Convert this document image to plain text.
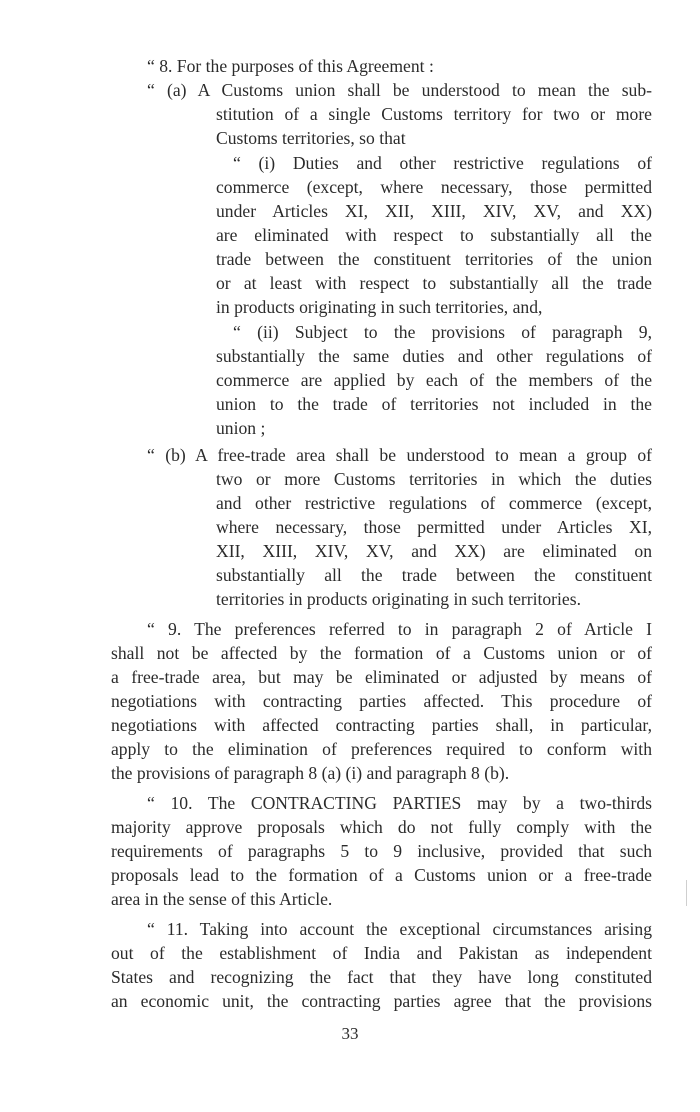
“ 8. For the purposes of this Agreement :
“ (a) A Customs union shall be understood to mean the sub-
stitution of a single Customs territory for two or more
Customs territories, so that
“ (i) Duties and other restrictive regulations of
commerce (except, where necessary, those permitted
under Articles XI, XII, XIII, XIV, XV, and XX)
are eliminated with respect to substantially all the
trade between the constituent territories of the union
or at least with respect to substantially all the trade
in products originating in such territories, and,
“ (ii) Subject to the provisions of paragraph 9,
substantially the same duties and other regulations of
commerce are applied by each of the members of the
union to the trade of territories not included in the
union ;
“ (b) A free-trade area shall be understood to mean a group of
two or more Customs territories in which the duties
and other restrictive regulations of commerce (except,
where necessary, those permitted under Articles XI,
XII, XIII, XIV, XV, and XX) are eliminated on
substantially all the trade between the constituent
territories in products originating in such territories.
“ 9. The preferences referred to in paragraph 2 of Article I
shall not be affected by the formation of a Customs union or of
a free-trade area, but may be eliminated or adjusted by means of
negotiations with contracting parties affected. This procedure of
negotiations with affected contracting parties shall, in particular,
apply to the elimination of preferences required to conform with
the provisions of paragraph 8 (a) (i) and paragraph 8 (b).
“ 10. The CONTRACTING PARTIES may by a two-thirds
majority approve proposals which do not fully comply with the
requirements of paragraphs 5 to 9 inclusive, provided that such
proposals lead to the formation of a Customs union or a free-trade
area in the sense of this Article.
“ 11. Taking into account the exceptional circumstances arising
out of the establishment of India and Pakistan as independent
States and recognizing the fact that they have long constituted
an economic unit, the contracting parties agree that the provisions
33
